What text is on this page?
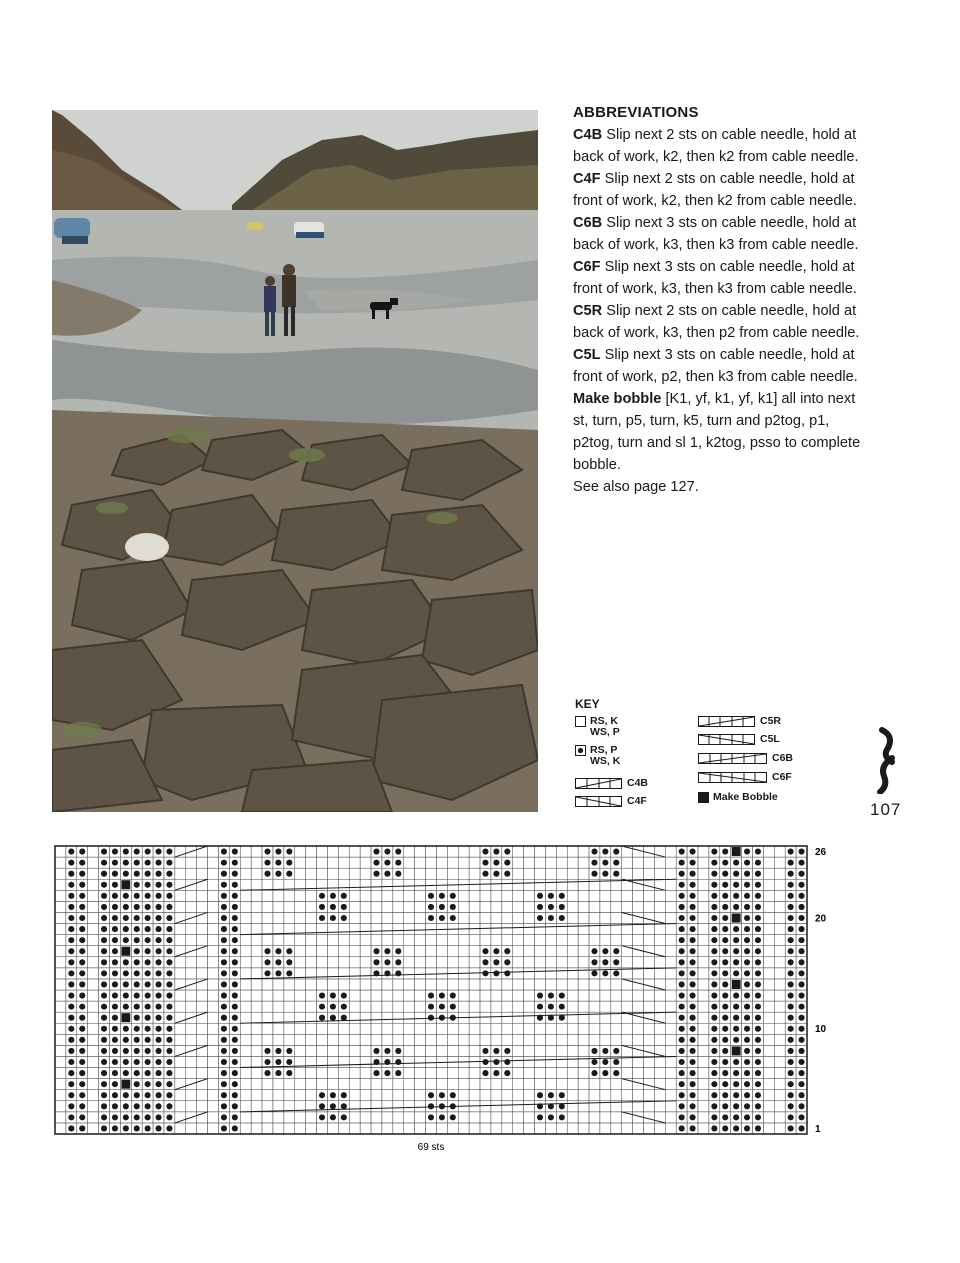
ABBREVIATIONS

C4B Slip next 2 sts on cable needle, hold at back of work, k2, then k2 from cable needle.

C4F Slip next 2 sts on cable needle, hold at front of work, k2, then k2 from cable needle.

C6B Slip next 3 sts on cable needle, hold at back of work, k3, then k3 from cable needle.

C6F Slip next 3 sts on cable needle, hold at front of work, k3, then k3 from cable needle.

C5R Slip next 2 sts on cable needle, hold at back of work, k3, then p2 from cable needle.

C5L Slip next 3 sts on cable needle, hold at front of work, p2, then k3 from cable needle.

Make bobble [K1, yf, k1, yf, k1] all into next st, turn, p5, turn, k5, turn and p2tog, p1, p2tog, turn and sl 1, k2tog, psso to complete bobble.

See also page 127.

KEY
RS, K
WS, P
RS, P
WS, K
C4B
C4F
C5R
C5L
C6B
C6F
Make Bobble
107
26
20
10
1
69 sts
